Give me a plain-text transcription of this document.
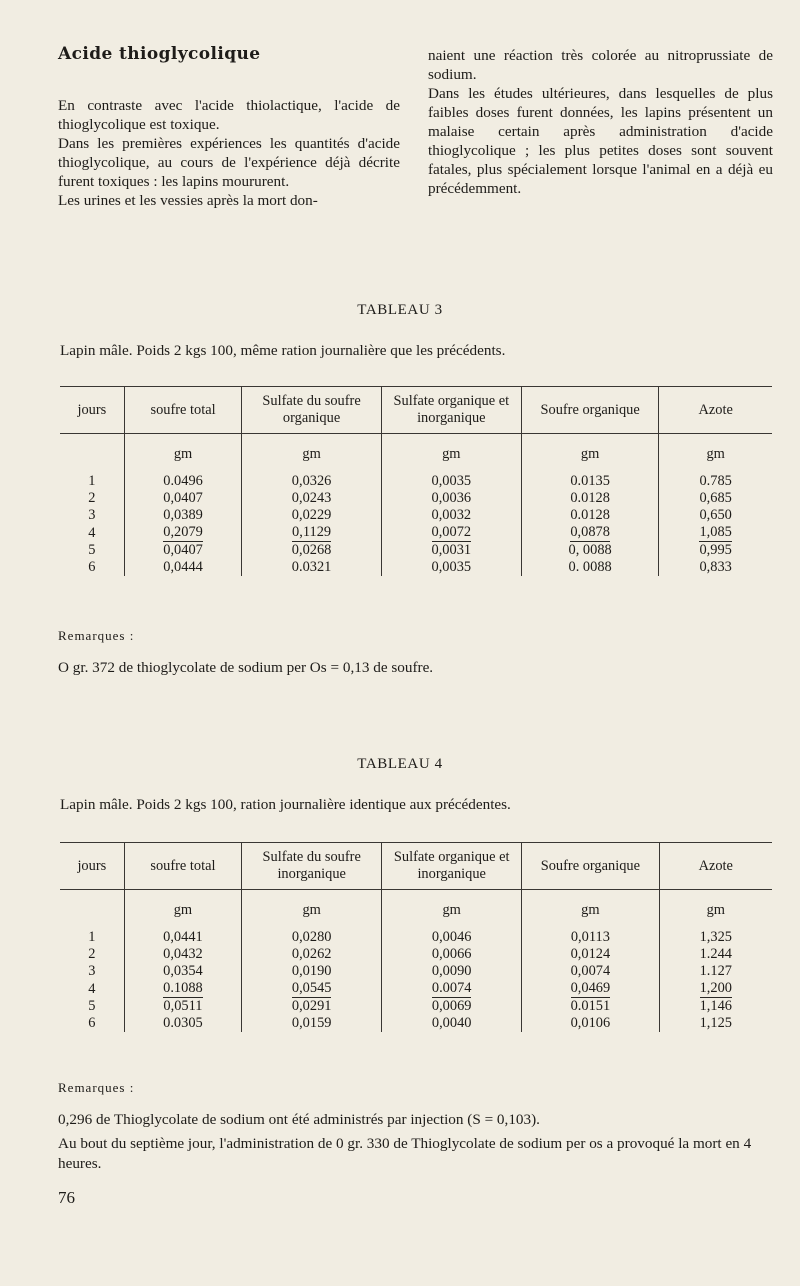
Acide thioglycolique

En contraste avec l'acide thiolactique, l'acide de thioglycolique est toxique.

Dans les premières expériences les quantités d'acide thioglycolique, au cours de l'expérience déjà décrite furent toxiques : les lapins moururent.

Les urines et les vessies après la mort don-

naient une réaction très colorée au nitroprussiate de sodium.

Dans les études ultérieures, dans lesquelles de plus faibles doses furent données, les lapins présentent un malaise certain après administration d'acide thioglycolique ; les plus petites doses sont souvent fatales, plus spécialement lorsque l'animal en a déjà eu précédemment.

TABLEAU 3
Lapin mâle. Poids 2 kgs 100, même ration journalière que les précédents.
jours	soufre total	Sulfate du soufre organique	Sulfate organique et inorganique	Soufre organique	Azote
	gm	gm	gm	gm	gm
1	0.0496	0,0326	0,0035	0.0135	0.785
2	0,0407	0,0243	0,0036	0.0128	0,685
3	0,0389	0,0229	0,0032	0.0128	0,650
4	0,2079	0,1129	0,0072	0,0878	1,085
5	0,0407	0,0268	0,0031	0, 0088	0,995
6	0,0444	0.0321	0,0035	0. 0088	0,833
Remarques :
O gr. 372 de thioglycolate de sodium per Os = 0,13 de soufre.
TABLEAU 4
Lapin mâle. Poids 2 kgs 100, ration journalière identique aux précédentes.
jours	soufre total	Sulfate du soufre inorganique	Sulfate organique et inorganique	Soufre organique	Azote
	gm	gm	gm	gm	gm
1	0,0441	0,0280	0,0046	0,0113	1,325
2	0,0432	0,0262	0,0066	0,0124	1.244
3	0,0354	0,0190	0,0090	0,0074	1.127
4	0.1088	0,0545	0.0074	0,0469	1,200
5	0,0511	0,0291	0,0069	0.0151	1,146
6	0.0305	0,0159	0,0040	0,0106	1,125
Remarques :
0,296 de Thioglycolate de sodium ont été administrés par injection (S = 0,103).
Au bout du septième jour, l'administration de 0 gr. 330 de Thioglycolate de sodium per os a provoqué la mort en 4 heures.
76
